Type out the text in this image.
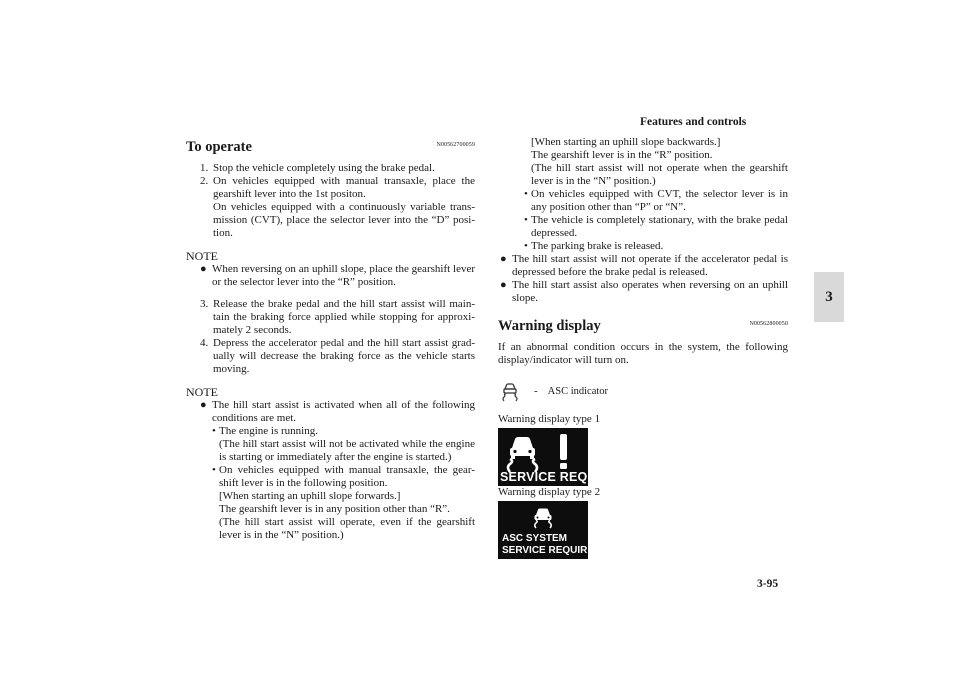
Features and controls
3
3-95
To operate	N00562700059
1. Stop the vehicle completely using the brake pedal.
2. On vehicles equipped with manual transaxle, place the gearshift lever into the 1st positon.
On vehicles equipped with a continuously variable trans-mission (CVT), place the selector lever into the “D” posi-tion.
NOTE
● When reversing on an uphill slope, place the gearshift lever or the selector lever into the “R” position.
3. Release the brake pedal and the hill start assist will main-tain the braking force applied while stopping for approxi-mately 2 seconds.
4. Depress the accelerator pedal and the hill start assist grad-ually will decrease the braking force as the vehicle starts moving.
NOTE
● The hill start assist is activated when all of the following conditions are met.
• The engine is running.
(The hill start assist will not be activated while the engine is starting or immediately after the engine is started.)
• On vehicles equipped with manual transaxle, the gear-shift lever is in the following position.
[When starting an uphill slope forwards.]
The gearshift lever is in any position other than “R”.
(The hill start assist will operate, even if the gearshift lever is in the “N” position.)
[When starting an uphill slope backwards.]
The gearshift lever is in the “R” position.
(The hill start assist will not operate when the gearshift lever is in the “N” position.)
• On vehicles equipped with CVT, the selector lever is in any position other than “P” or “N”.
• The vehicle is completely stationary, with the brake pedal depressed.
• The parking brake is released.
● The hill start assist will not operate if the accelerator pedal is depressed before the brake pedal is released.
● The hill start assist also operates when reversing on an uphill slope.
Warning display	N00562800050
If an abnormal condition occurs in the system, the following display/indicator will turn on.
- ASC indicator
Warning display type 1
SERVICE REQUIRED
Warning display type 2
ASC SYSTEM
SERVICE REQUIRED
